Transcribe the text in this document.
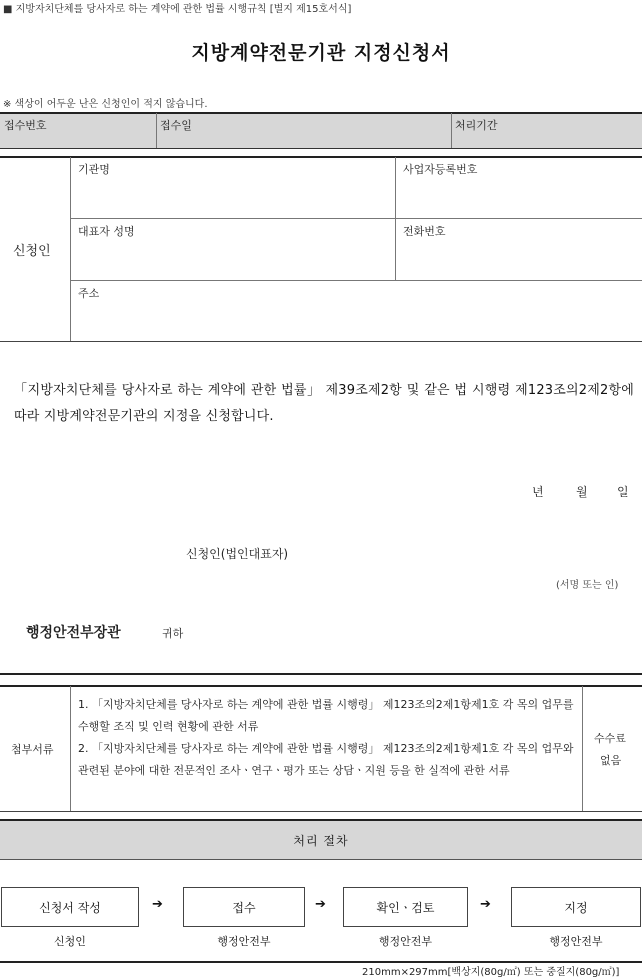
■ 지방자치단체를 당사자로 하는 계약에 관한 법률 시행규칙 [별지 제15호서식]
지방계약전문기관 지정신청서
※ 색상이 어두운 난은 신청인이 적지 않습니다.
접수번호	접수일	처리기간
신청인
기관명	사업자등록번호
대표자 성명	전화번호
주소
「지방자치단체를 당사자로 하는 계약에 관한 법률」 제39조제2항 및 같은 법 시행령 제123조의2제2항에 따라 지방계약전문기관의 지정을 신청합니다.
년	월 일
신청인(법인대표자)
(서명 또는 인)
행정안전부장관	귀하
첨부서류
1. 「지방자치단체를 당사자로 하는 계약에 관한 법률 시행령」 제123조의2제1항제1호 각 목의 업무를 수행할 조직 및 인력 현황에 관한 서류
2. 「지방자치단체를 당사자로 하는 계약에 관한 법률 시행령」 제123조의2제1항제1호 각 목의 업무와 관련된 분야에 대한 전문적인 조사ㆍ연구ㆍ평가 또는 상담ㆍ지원 등을 한 실적에 관한 서류
수수료
없음
처리 절차
신청서 작성	➔	접수	➔	확인ㆍ검토	➔	지정
신청인	행정안전부	행정안전부	행정안전부
210mm×297mm[백상지(80g/㎡) 또는 중질지(80g/㎡)]
